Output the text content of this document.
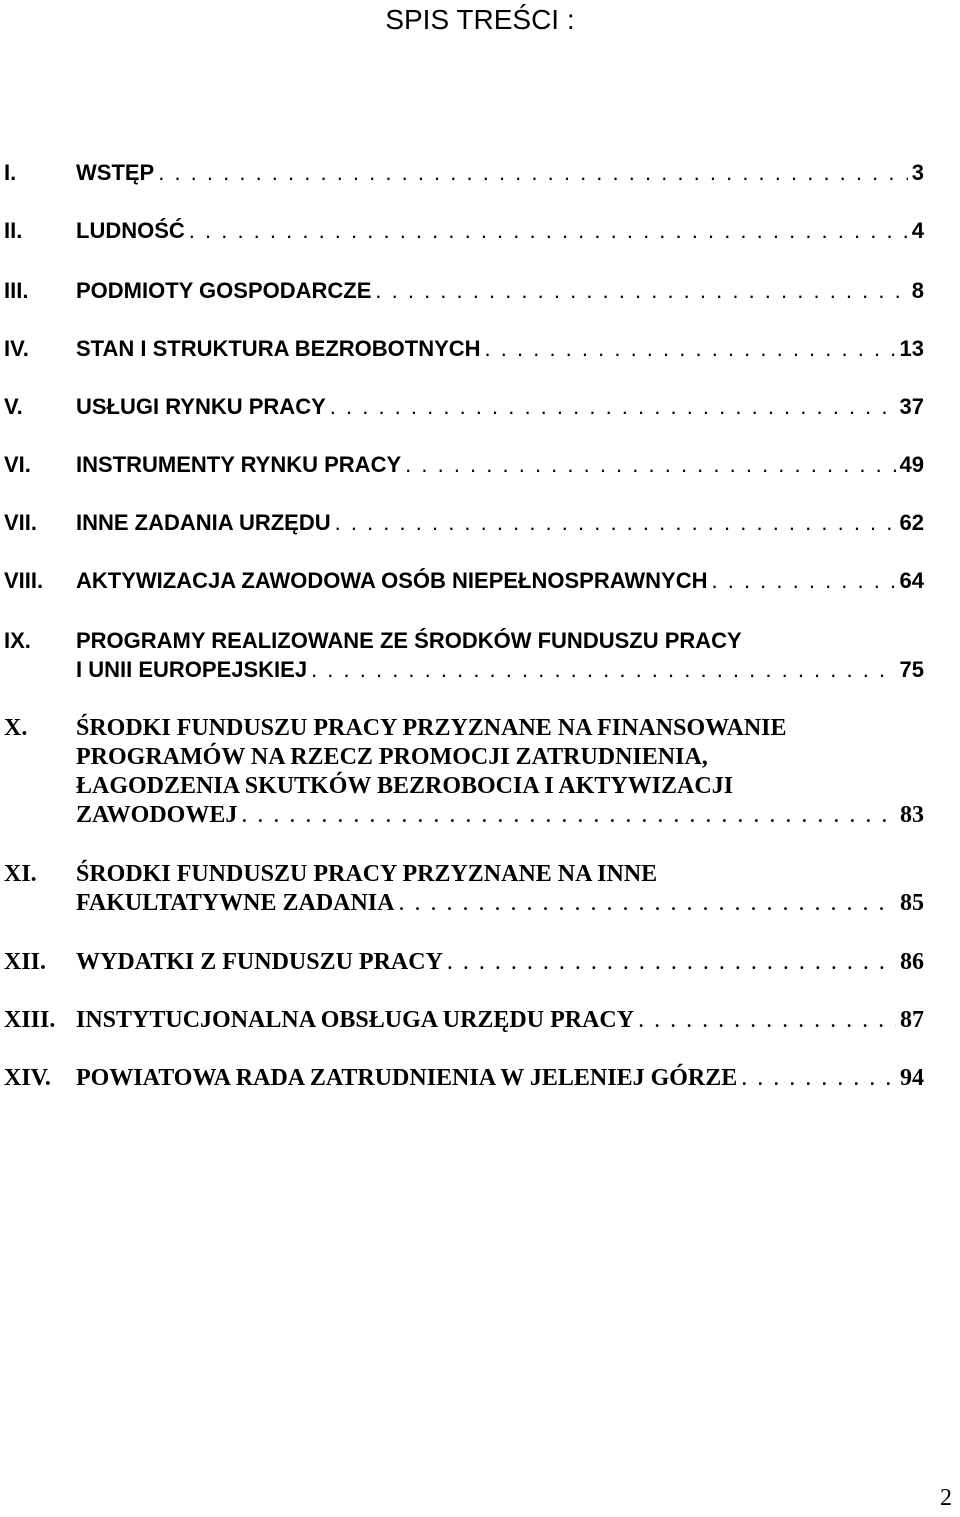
SPIS TREŚCI :
I.	WSTĘP . . .	3
II. LUDNOŚĆ . . .	4
III. PODMIOTY GOSPODARCZE . . .	8
IV. STAN I STRUKTURA BEZROBOTNYCH . . .	13
V. USŁUGI RYNKU PRACY . . .	37
VI. INSTRUMENTY RYNKU PRACY . . .	49
VII. INNE ZADANIA URZĘDU . . .	62
VIII. AKTYWIZACJA ZAWODOWA OSÓB NIEPEŁNOSPRAWNYCH . . .	64
IX. PROGRAMY REALIZOWANE ZE ŚRODKÓW FUNDUSZU PRACY
I UNII EUROPEJSKIEJ . . .	75
X. ŚRODKI FUNDUSZU PRACY PRZYZNANE NA FINANSOWANIE
PROGRAMÓW NA RZECZ PROMOCJI ZATRUDNIENIA,
ŁAGODZENIA SKUTKÓW BEZROBOCIA I AKTYWIZACJI
ZAWODOWEJ . . .	83
XI. ŚRODKI FUNDUSZU PRACY PRZYZNANE NA INNE
FAKULTATYWNE ZADANIA . . .	85
XII. WYDATKI Z FUNDUSZU PRACY . . .	86
XIII. INSTYTUCJONALNA OBSŁUGA URZĘDU PRACY . . .	87
XIV. POWIATOWA RADA ZATRUDNIENIA W JELENIEJ GÓRZE . . .	94
2
